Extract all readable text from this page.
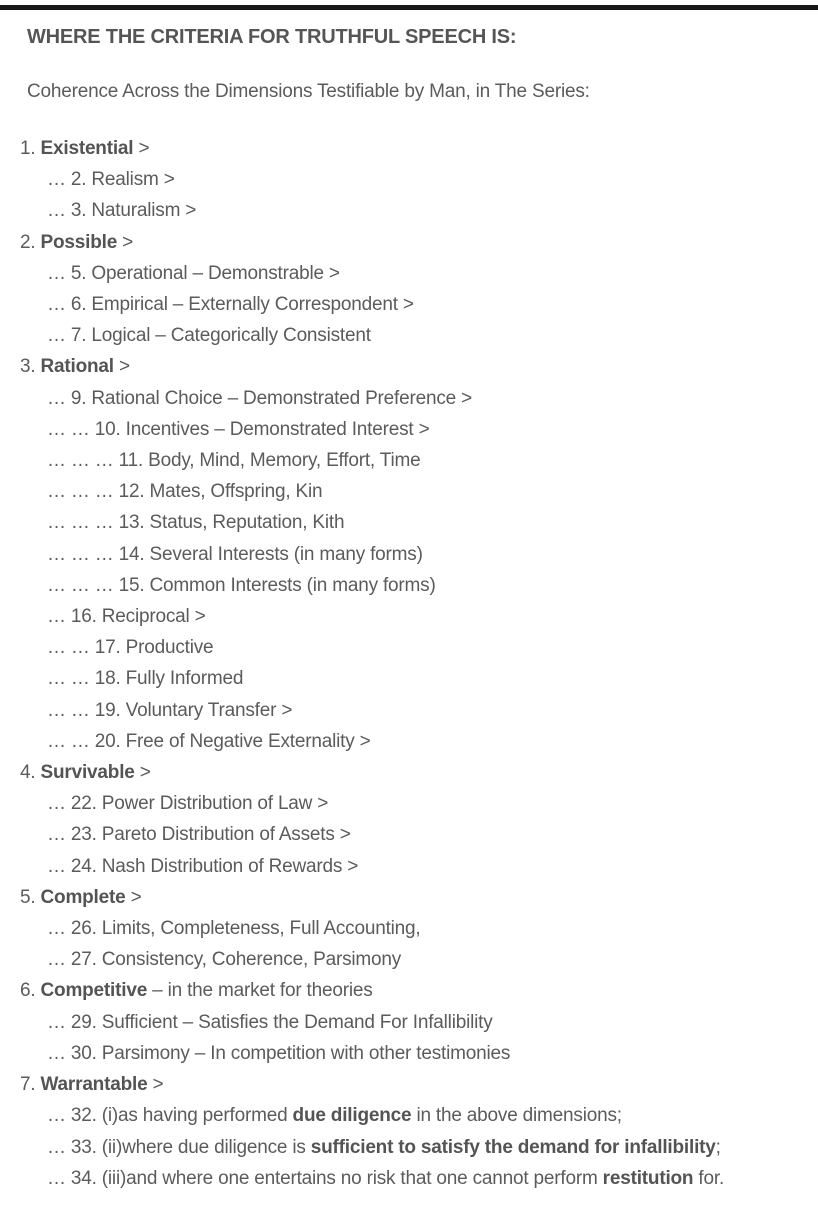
WHERE THE CRITERIA FOR TRUTHFUL SPEECH IS:
Coherence Across the Dimensions Testifiable by Man, in The Series:
1. Existential >
… 2. Realism >
… 3. Naturalism >
2. Possible >
… 5. Operational – Demonstrable >
… 6. Empirical – Externally Correspondent >
… 7. Logical – Categorically Consistent
3. Rational >
… 9. Rational Choice – Demonstrated Preference >
… … 10. Incentives – Demonstrated Interest >
… … … 11. Body, Mind, Memory, Effort, Time
… … … 12. Mates, Offspring, Kin
… … … 13. Status, Reputation, Kith
… … … 14. Several Interests (in many forms)
… … … 15. Common Interests (in many forms)
… 16. Reciprocal >
… … 17. Productive
… … 18. Fully Informed
… … 19. Voluntary Transfer >
… … 20. Free of Negative Externality >
4. Survivable >
… 22. Power Distribution of Law >
… 23. Pareto Distribution of Assets >
… 24. Nash Distribution of Rewards >
5. Complete >
… 26. Limits, Completeness, Full Accounting,
… 27. Consistency, Coherence, Parsimony
6. Competitive – in the market for theories
… 29. Sufficient – Satisfies the Demand For Infallibility
… 30. Parsimony – In competition with other testimonies
7. Warrantable >
… 32. (i)as having performed due diligence in the above dimensions;
… 33. (ii)where due diligence is sufficient to satisfy the demand for infallibility;
… 34. (iii)and where one entertains no risk that one cannot perform restitution for.
